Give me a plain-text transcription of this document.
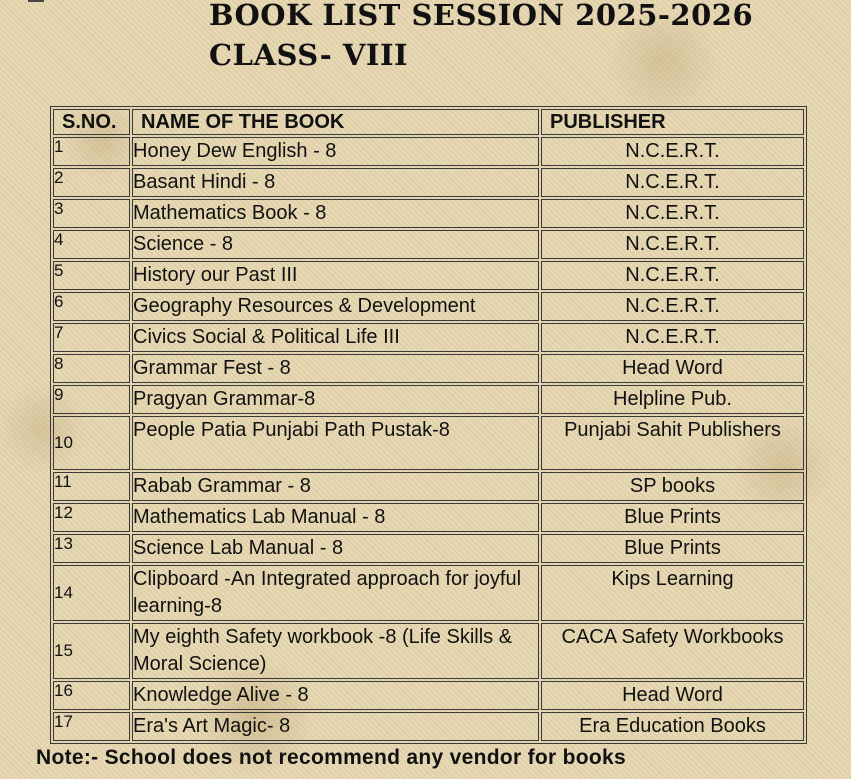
BOOK LIST SESSION 2025-2026
CLASS- VIII
S.NO.	NAME OF THE BOOK	PUBLISHER
1	Honey Dew English - 8	N.C.E.R.T.
2	Basant Hindi - 8	N.C.E.R.T.
3	Mathematics Book - 8	N.C.E.R.T.
4	Science - 8	N.C.E.R.T.
5	History our Past III	N.C.E.R.T.
6	Geography Resources & Development	N.C.E.R.T.
7	Civics Social & Political Life III	N.C.E.R.T.
8	Grammar Fest - 8	Head Word
9	Pragyan Grammar-8	Helpline Pub.
10	People Patia Punjabi Path Pustak-8	Punjabi Sahit Publishers
11	Rabab Grammar - 8	SP books
12	Mathematics Lab Manual - 8	Blue Prints
13	Science Lab Manual - 8	Blue Prints
14	Clipboard -An Integrated approach for joyful learning-8	Kips Learning
15	My eighth Safety workbook -8 (Life Skills & Moral Science)	CACA Safety Workbooks
16	Knowledge Alive - 8	Head Word
17	Era's Art Magic- 8	Era Education Books

Note:- School does not recommend any vendor for books
